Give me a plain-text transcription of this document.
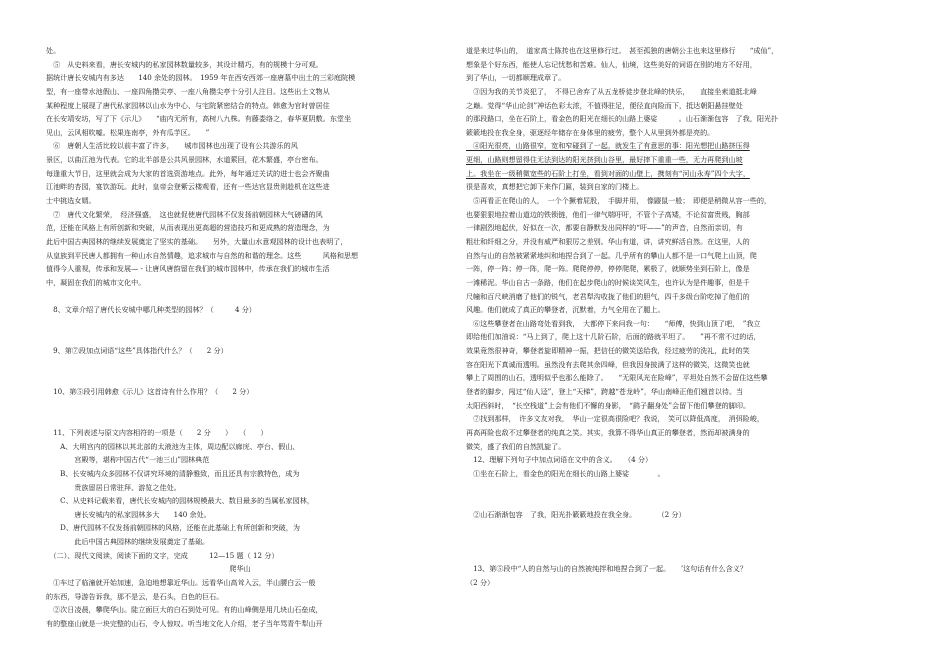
处。
　⑤　从史料来看，唐长安城内的私家园林数量较多，其设计精巧，有的规模十分可观。
据统计唐长安城内有多达　　140 余处的园林。　1959 年在西安西郊一座唐墓中出土的三彩庭院模
型，有一座带水池假山、一座四角攒尖亭、一座八角攒尖亭十分引人注目。这些出土文物从
某种程度上展现了唐代私家园林以山水为中心、与宅院紧密结合的特点。韩愈为官时曾居住
在长安靖安坊，写了下《示儿》　　“庙内无所有，高树八九株。有藤娄络之，春华夏阴敷。东堂坐
见山，云风相吹嘘。松果连南亭，外有瓜芋区。　　”
　⑥　唐朝人生活比较以前丰富了许多，　　城市园林也出现了设有公共游乐的风
景区，以曲江池为代表。它的北半部是公共风景园林，水道萦回，花木繁盛，亭台密布。
每逢重大节日，这里就会成为大家的首选资游地点。此外，每年通过关试的进士也会齐聚曲
江池畔的杏园，宴饮游玩。此时，皇帝会登紫云楼观看，还有一些达官显贵则趁机在这些进
士中挑选女婿。
　⑦　唐代文化繁荣，　经济强盛，　这也就促使唐代园林不仅发扬前朝园林大气磅礴的风
范，还能在风格上有所创新和突破，从而表现出更高超的营造技巧和更成熟的营造理念，为
此后中国古典园林的继续发展奠定了坚实的基础。　　另外，大量山水意观园林的设计也表明了，
从皇族到平民唐人都拥有一种山水自然情趣，追求城市与自然的和谐的理念。这些　　　风格和思想
值得今人重视，传承和发展— - 让唐风唐韵留在我们的城市园林中，传承在我们的城市生活
中，凝固在我们的城市文化中。
　8、文章介绍了唐代长安城中哪几种类型的园林？（　　　4 分）
　9、第⑦段加点词语“这些”具体指代什么？（　　2 分）
　10、第⑤段引用韩愈《示儿》这首诗有什么作用？（　　2 分）
　11、下列表述与原文内容相符的一项是（　　2 分　　）　　（　　）
　　A、大明宫内的园林以其北部的太液池为主体，周边配以廊庑、亭台、假山、
　　　　宫殿等，堪称中国古代“一池三山”园林典范
　　B、长安城内众多园林不仅讲究环境的清静雅致，而且还具有宗教特色，成为
　　　　贵族留居日常驻拜、游览之佳处。
　　C、从史料记载来看，唐代长安城内的园林规模最大、数目最多的当属私家园林，
　　　　唐长安城内的私家园林多大　　140 余处。
　　D、唐代园林不仅发扬前朝园林的风格，还能在此基础上有所创新和突破，为
　　　　此后中国古典园林的继续发展奠定了基础。
　（二）、现代文阅读，阅读下面的文字，完成　　　12—15 题（ 12 分）
爬华山
　①车过了临潼就开始加速，急迫地想靠近华山。远看华山高耸入云，半山腰白云一般
的东西，导游告诉我，那不是云，是石头，白色的巨石。
　②次日凌晨，攀爬华山。陡立面巨大的白石到处可见。有的山峰侧是用几块山石垒成，
有的整座山就是一块完整的山石，令人惊叹。听当地文化人介绍，老子当年骂青牛犁山开
道是来过华山的，　道家高士陈抟也在这里修行过。　甚至孤独的唐朝公主也来这里修行　　“成仙”，
想象是个好东西，能使人忘记忧愁和苦难。仙人，仙境，这些美好的词语在别的地方不好用，
到了华山，一切都顺理成章了。
　③因为我的关节炎犯了，　不得已舍弃了从五龙桥徒步登北峰的快乐，　　直接坐索道抵北峰
之巅。觉得“华山论剑”神话色彩太浓，不值得驻足，便径直向险而下，抵达朝阳悬挂壁处
的那段路口，坐在石阶上，看金色的阳光在细长的山路上婆娑　　　。山石渐渐包容　了我，阳光扑
簌簌地投在我全身，驱逐经年储存在身体里的疲劳，整个人从里到外都是亮的。
　④阳光很亮，山路很窄，宽和窄碰到了一起，就发生了有意思的事：阳光想把山路挤压得
更细，山路则想留得住无法到达的阳光挤到山谷里，最好摔下重重一些，无力再爬到山坡
上。我坐在一级稍微宽些的石阶上打坐，看到对面的山壁上，携刻有“河山永寿”四个大字，
很是喜欢，真想把它卸下来作门匾，装到自家的门楼上。
　⑤再看正在爬山的人，　一个个撅着屁股，　手脚并用，　像鼹鼠一般；　即便是稍微从容一些的，
也要狠狠地拉着山道边的铁锁链，他们一律气喘吁吁，不管个子高矮，不论贫富贵贱，胸部
一律剧烈地起伏，好似在一次，都要自静默发出同样的“吁——”的声音，自然而亲切，有
粗壮和纤细之分，并没有威严和狠厉之差别。华山有道，讲，讲究鲜活自然。在这里，人的
自然与山的自然被紧紧地纠和地捏合到了一起。几乎所有的攀山人都不是一口气爬上山顶，爬
一阵，停一阵；停一阵，爬一阵。爬爬停停，停停爬爬，累极了，就顺势坐到石阶上，像是
一滩稀泥。华山自古一条路，他们在起步爬山的时候谈笑风生，也许认为是件趣事，但是千
尺幢和百尺峡消磨了他们的锐气，老君犁沟收拢了他们的胆气，四千多级台阶吃掉了他们的
风趣。他们就成了真正的攀登者，沉默着，力气全用在了腿上。
　⑥这些攀登者在山路弯处看到我，　大都停下来问我一句：　　“师傅，快到山顶了吧，　”我立
即给他们加油说：“马上到了，爬上这十几阶石阶，后面的路就平坦了。　　”再不常不过的话，
效果竟然很神奇，攀登者旋即精神一振，把信任的微笑送给我，经过疲劳的洗礼，此时的笑
容在阳光下真诚而透明。虽然没有去爬其余四峰，但我因身披满了这样的微笑，这微笑也就
攀上了周围的山石，透明似乎也那么能除了。　　“无限风光在险峰”，平坦处自然不会留住这些攀
登者的脚步，闯过“仙人迳”，登上“天梯”，跨越“苍龙岭”，华山南峰正他们翘首以待。当
太阳西斜时，　“长空栈道”上会有他们不懈的身影，　“鹞子翻身处”会留下他们攀登的脚印。
　⑦找到那样，　许多文友对我，　华山一定很高很险吧？我说，　笑可以降低高度，　消弭险峻，
再高再险也敌不过攀登者的纯真之笑。其实，我算不得华山真正的攀登者，然而却被满身的
微笑，盛了我们的自然凯旋了。
　12、理解下列句子中加点词语在文中的含义。　　（4 分）
　①坐在石阶上，看金色的阳光在细长的山路上婆娑　　　　。
　②山石渐渐包容　了我，阳光扑簌簌地投在我全身。　　　　（2 分）
　13、第⑤段中“人的自然与山的自然被纯拌和地捏合到了一起。　　’这句话有什么含义？
（2 分）
